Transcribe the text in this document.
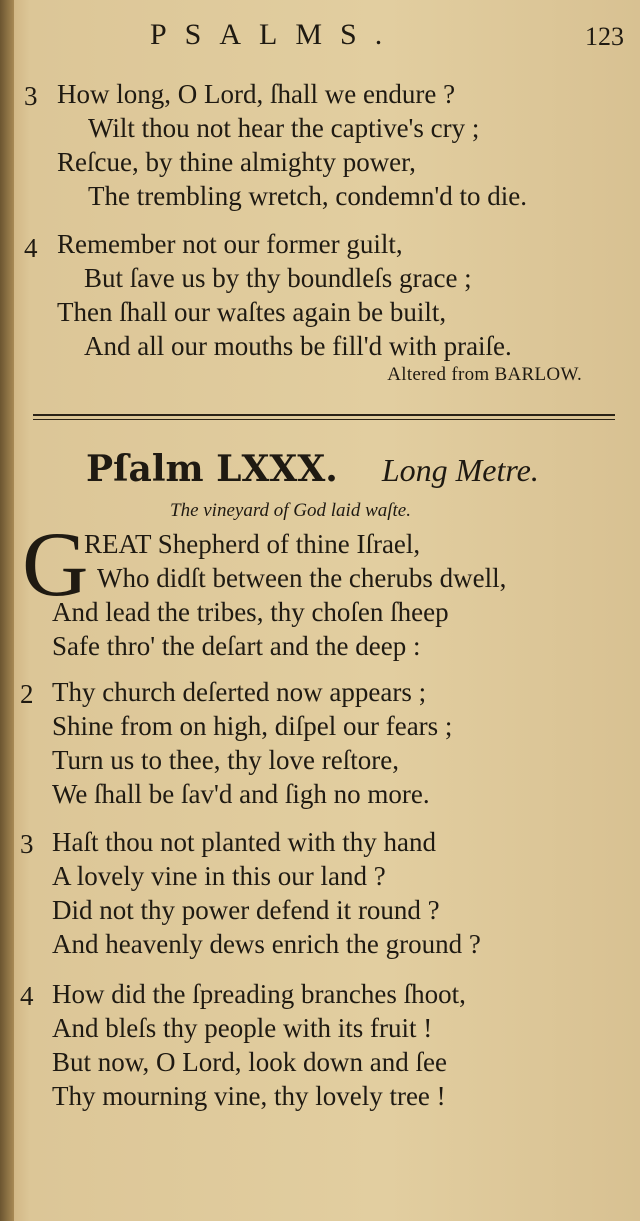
PSALMS.	123
3 How long, O Lord, ſhall we endure ?
Wilt thou not hear the captive's cry ;
Reſcue, by thine almighty power,
The trembling wretch, condemn'd to die.
4 Remember not our former guilt,
But ſave us by thy boundleſs grace ;
Then ſhall our waſtes again be built,
And all our mouths be fill'd with praiſe.
Altered from BARLOW.
Pſalm LXXX. Long Metre.
The vineyard of God laid waſte.
G
REAT Shepherd of thine Iſrael,
Who didſt between the cherubs dwell,
And lead the tribes, thy choſen ſheep
Safe thro' the deſart and the deep :
2 Thy church deſerted now appears ;
Shine from on high, diſpel our fears ;
Turn us to thee, thy love reſtore,
We ſhall be ſav'd and ſigh no more.
3 Haſt thou not planted with thy hand
A lovely vine in this our land ?
Did not thy power defend it round ?
And heavenly dews enrich the ground ?
4 How did the ſpreading branches ſhoot,
And bleſs thy people with its fruit !
But now, O Lord, look down and ſee
Thy mourning vine, thy lovely tree !
